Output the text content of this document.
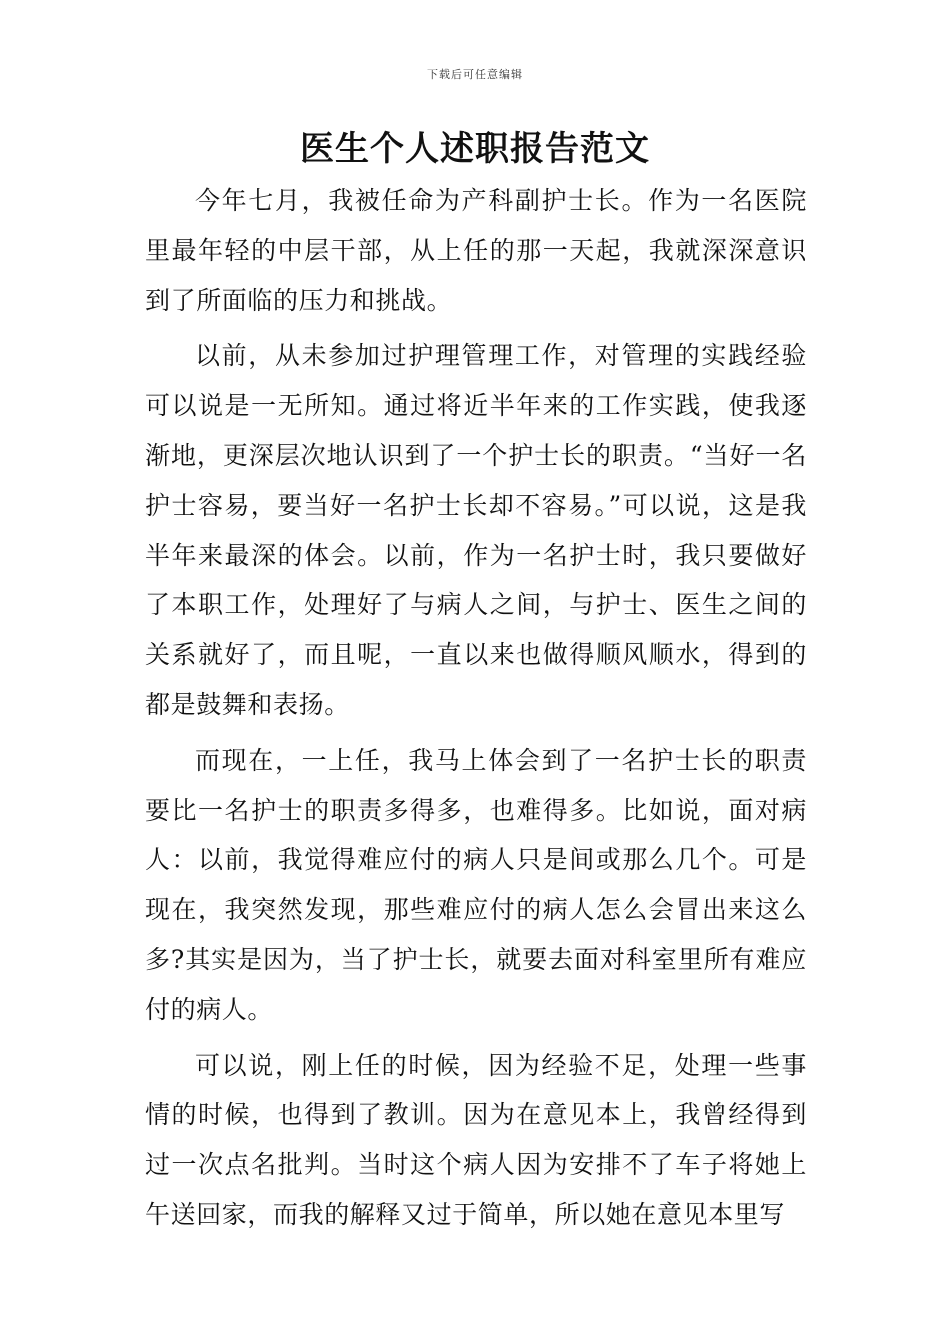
下载后可任意编辑
医生个人述职报告范文

今年七月，我被任命为产科副护士长。作为一名医院里最年轻的中层干部，从上任的那一天起，我就深深意识到了所面临的压力和挑战。

以前，从未参加过护理管理工作，对管理的实践经验可以说是一无所知。通过将近半年来的工作实践，使我逐渐地，更深层次地认识到了一个护士长的职责。“当好一名护士容易，要当好一名护士长却不容易。”可以说，这是我半年来最深的体会。以前，作为一名护士时，我只要做好了本职工作，处理好了与病人之间，与护士、医生之间的关系就好了，而且呢，一直以来也做得顺风顺水，得到的都是鼓舞和表扬。

而现在，一上任，我马上体会到了一名护士长的职责要比一名护士的职责多得多，也难得多。比如说，面对病人：以前，我觉得难应付的病人只是间或那么几个。可是现在，我突然发现，那些难应付的病人怎么会冒出来这么多?其实是因为，当了护士长，就要去面对科室里所有难应付的病人。

可以说，刚上任的时候，因为经验不足，处理一些事情的时候，也得到了教训。因为在意见本上，我曾经得到过一次点名批判。当时这个病人因为安排不了车子将她上午送回家，而我的解释又过于简单，所以她在意见本里写
